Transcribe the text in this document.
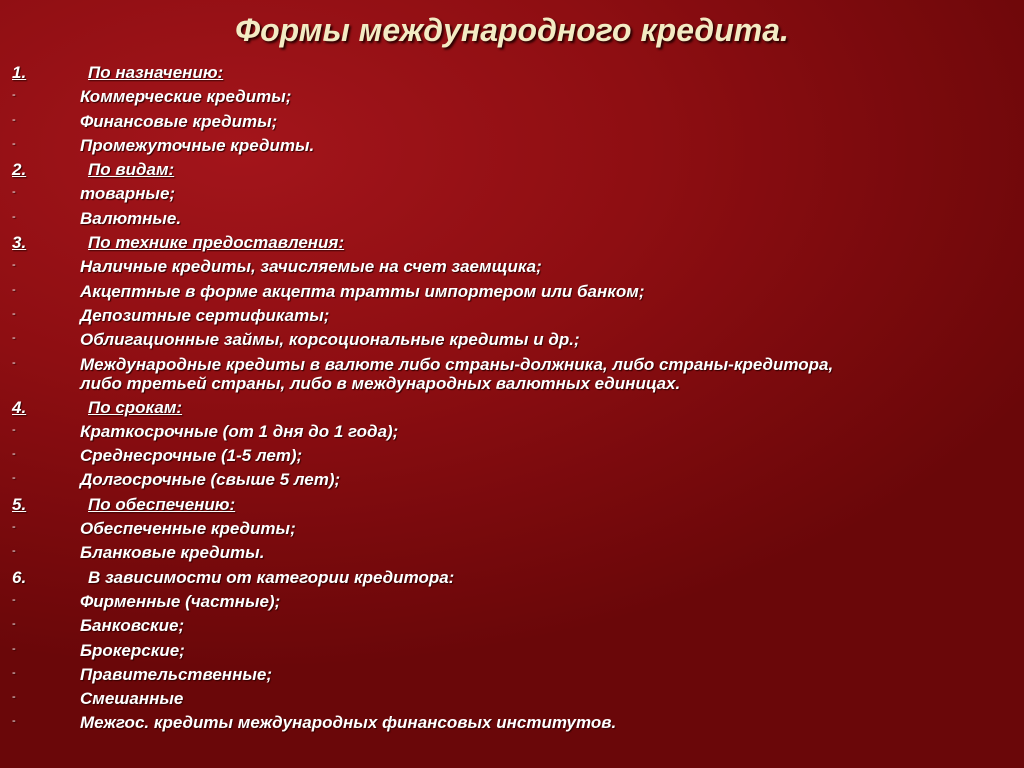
Формы международного кредита.
1.	По назначению:
-	Коммерческие кредиты;
-	Финансовые кредиты;
-	Промежуточные кредиты.
2.	По видам:
-	товарные;
-	Валютные.
3.	По технике предоставления:
-	Наличные кредиты, зачисляемые на счет заемщика;
-	Акцептные в форме акцепта тратты импортером или банком;
-	Депозитные сертификаты;
-	Облигационные займы, корсоциональные кредиты и др.;
-	Международные кредиты в валюте либо страны-должника, либо страны-кредитора,
либо третьей страны, либо в международных валютных единицах.
4.	По срокам:
-	Краткосрочные (от 1 дня до 1 года);
-	Среднесрочные (1-5 лет);
-	Долгосрочные (свыше 5 лет);
5.	По обеспечению:
-	Обеспеченные кредиты;
-	Бланковые кредиты.
6.	В зависимости от категории кредитора:
-	Фирменные (частные);
-	Банковские;
-	Брокерские;
-	Правительственные;
-	Смешанные
-	Межгос. кредиты международных финансовых институтов.
